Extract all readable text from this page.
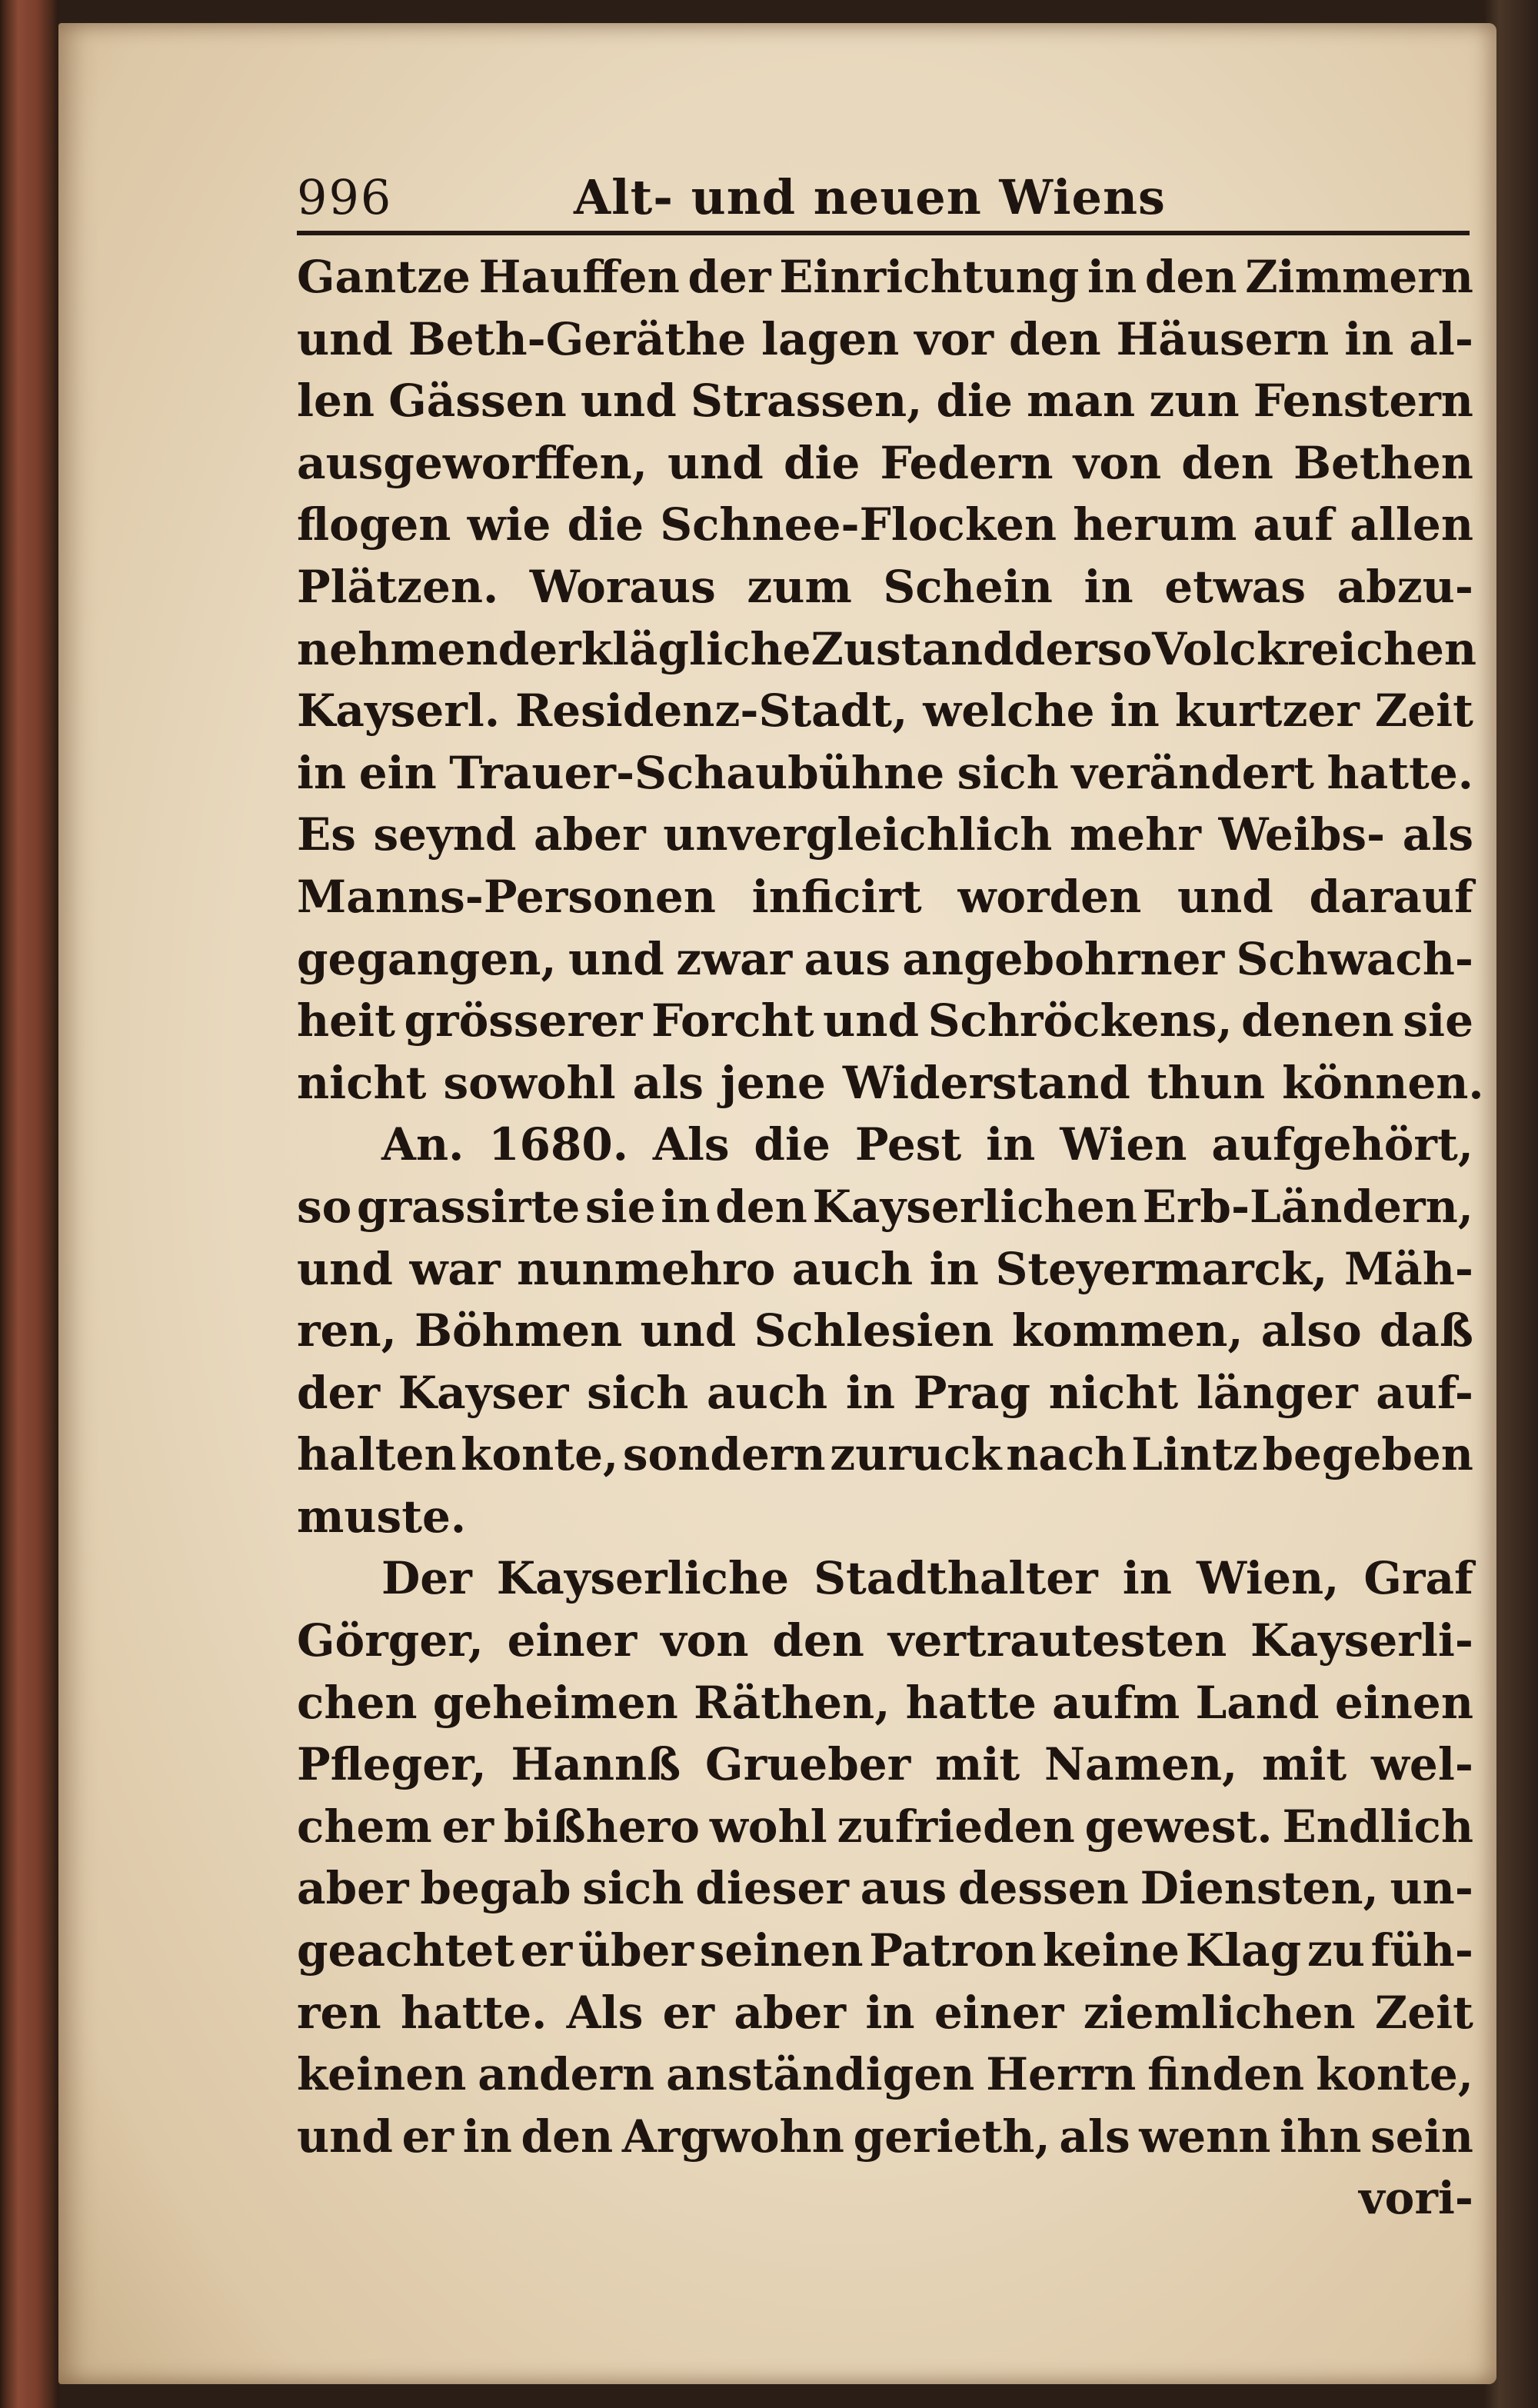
996	Alt- und neuen Wiens
Gantze Hauffen der Einrichtung in den Zimmern
und Beth-Geräthe lagen vor den Häusern in al-
len Gässen und Strassen, die man zun Fenstern
ausgeworffen, und die Federn von den Bethen
flogen wie die Schnee-Flocken herum auf allen
Plätzen. Woraus zum Schein in etwas abzu-
nehmen der klägliche Zustand der so Volckreichen
Kayserl. Residenz-Stadt, welche in kurtzer Zeit
in ein Trauer-Schaubühne sich verändert hatte.
Es seynd aber unvergleichlich mehr Weibs- als
Manns-Personen inficirt worden und darauf
gegangen, und zwar aus angebohrner Schwach-
heit grösserer Forcht und Schröckens, denen sie
nicht sowohl als jene Widerstand thun können.
An. 1680. Als die Pest in Wien aufgehört,
so grassirte sie in den Kayserlichen Erb-Ländern,
und war nunmehro auch in Steyermarck, Mäh-
ren, Böhmen und Schlesien kommen, also daß
der Kayser sich auch in Prag nicht länger auf-
halten konte, sondern zuruck nach Lintz begeben
muste.
Der Kayserliche Stadthalter in Wien, Graf
Görger, einer von den vertrautesten Kayserli-
chen geheimen Räthen, hatte aufm Land einen
Pfleger, Hannß Grueber mit Namen, mit wel-
chem er bißhero wohl zufrieden gewest. Endlich
aber begab sich dieser aus dessen Diensten, un-
geachtet er über seinen Patron keine Klag zu füh-
ren hatte. Als er aber in einer ziemlichen Zeit
keinen andern anständigen Herrn finden konte,
und er in den Argwohn gerieth, als wenn ihn sein
vori-
